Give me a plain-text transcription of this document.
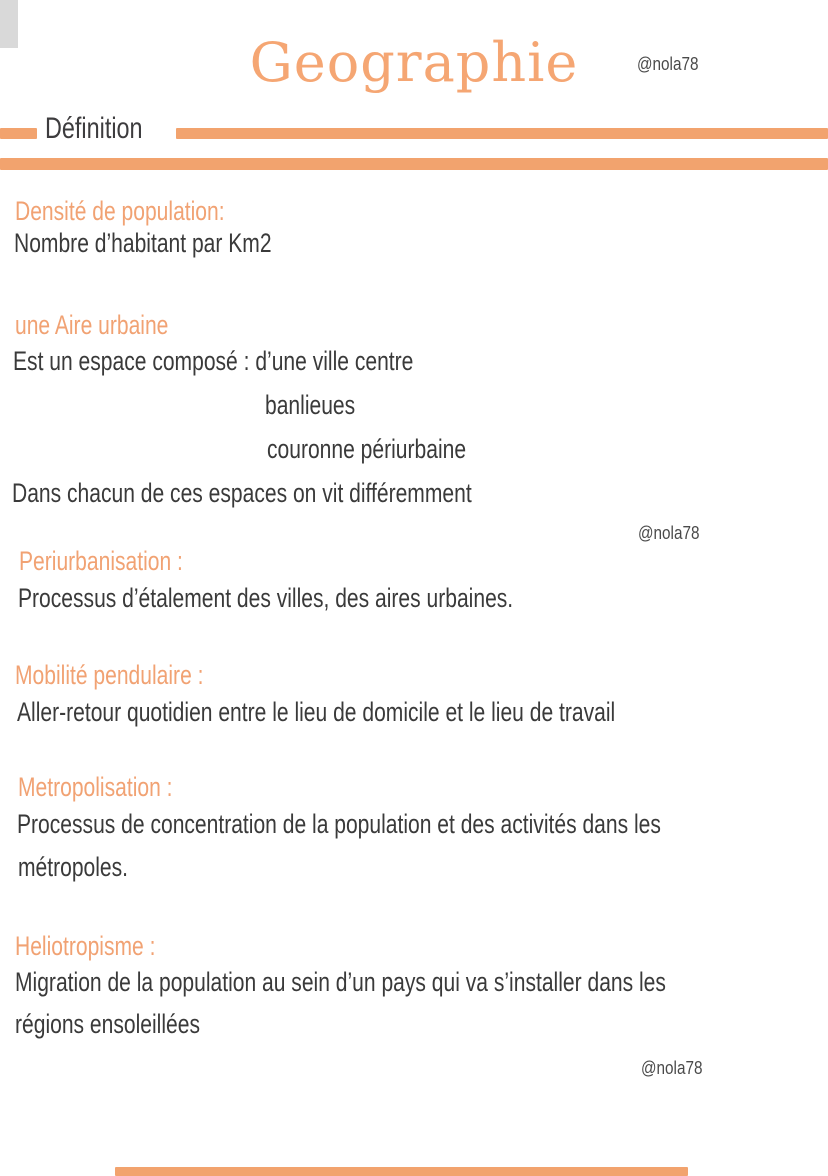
Geographie	@nola78
Définition
Densité de population:
Nombre d’habitant par Km2
une Aire urbaine
Est un espace composé : d’une ville centre
banlieues
couronne périurbaine
Dans chacun de ces espaces on vit différemment
@nola78
Periurbanisation :
Processus d’étalement des villes, des aires urbaines.
Mobilité pendulaire :
Aller-retour quotidien entre le lieu de domicile et le lieu de travail
Metropolisation :
Processus de concentration de la population et des activités dans les
métropoles.
Heliotropisme :
Migration de la population au sein d’un pays qui va s’installer dans les
régions ensoleillées
@nola78
